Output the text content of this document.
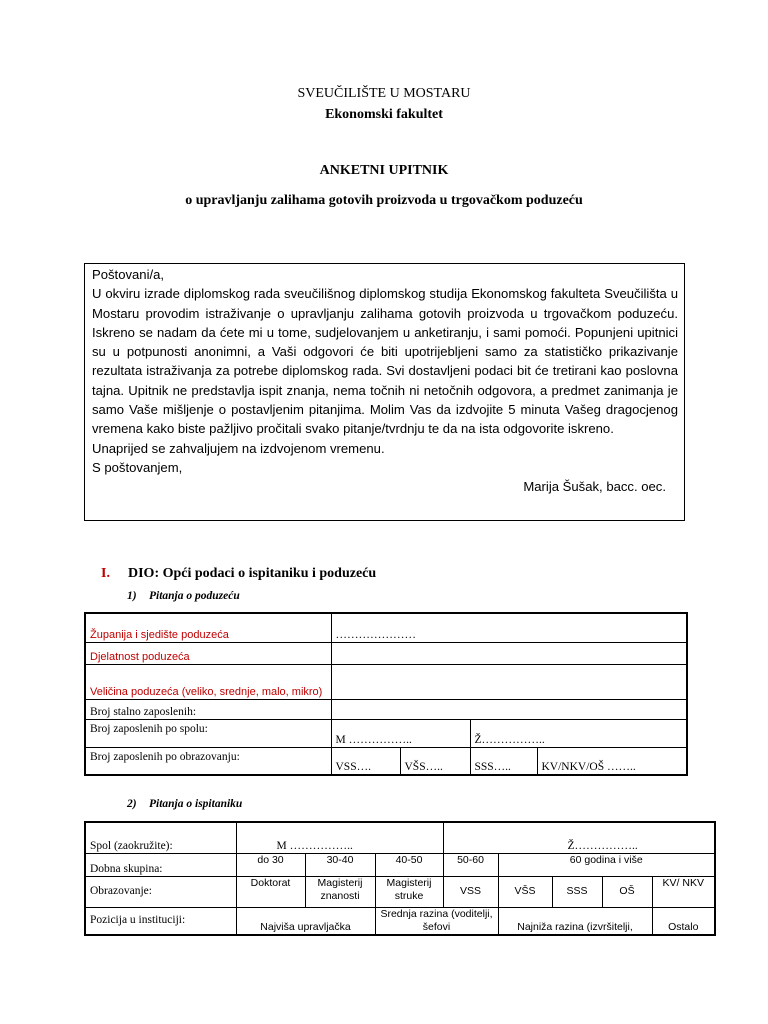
SVEUČILIŠTE U MOSTARU
Ekonomski fakultet
ANKETNI UPITNIK
o upravljanju zalihama gotovih proizvoda u trgovačkom poduzeću
Poštovani/a,
U okviru izrade diplomskog rada sveučilišnog diplomskog studija Ekonomskog fakulteta Sveučilišta u Mostaru provodim istraživanje o upravljanju zalihama gotovih proizvoda u trgovačkom poduzeću. Iskreno se nadam da ćete mi u tome, sudjelovanjem u anketiranju, i sami pomoći. Popunjeni upitnici su u potpunosti anonimni, a Vaši odgovori će biti upotrijebljeni samo za statističko prikazivanje rezultata istraživanja za potrebe diplomskog rada. Svi dostavljeni podaci bit će tretirani kao poslovna tajna. Upitnik ne predstavlja ispit znanja, nema točnih ni netočnih odgovora, a predmet zanimanja je samo Vaše mišljenje o postavljenim pitanjima. Molim Vas da izdvojite 5 minuta Vašeg dragocjenog vremena kako biste pažljivo pročitali svako pitanje/tvrdnju te da na ista odgovorite iskreno.
Unaprijed se zahvaljujem na izdvojenom vremenu.
S poštovanjem,
Marija Šušak, bacc. oec.
I. DIO: Opći podaci o ispitaniku i poduzeću
1) Pitanja o poduzeću
Županija i sjedište poduzeća	…………………			
Djelatnost poduzeća				
Veličina poduzeća (veliko, srednje, malo, mikro)				
Broj stalno zaposlenih:				
Broj zaposlenih po spolu:	M ……………..		Ž……………..	
Broj zaposlenih po obrazovanju:	VSS….	VŠS…..	SSS…..	KV/NKV/OŠ ……..
2) Pitanja o ispitaniku
Spol (zaokružite):	M ……………..			Ž……………..				
Dobna skupina:	do 30	30-40	40-50	50-60	60 godina i više			
Obrazovanje:	Doktorat	Magisterij znanosti	Magisterij struke	VSS	VŠS	SSS	OŠ	KV/ NKV
Pozicija u instituciji:	Najviša upravljačka		Srednja razina (voditelji, šefovi		Najniža razina (izvršitelji,			Ostalo
